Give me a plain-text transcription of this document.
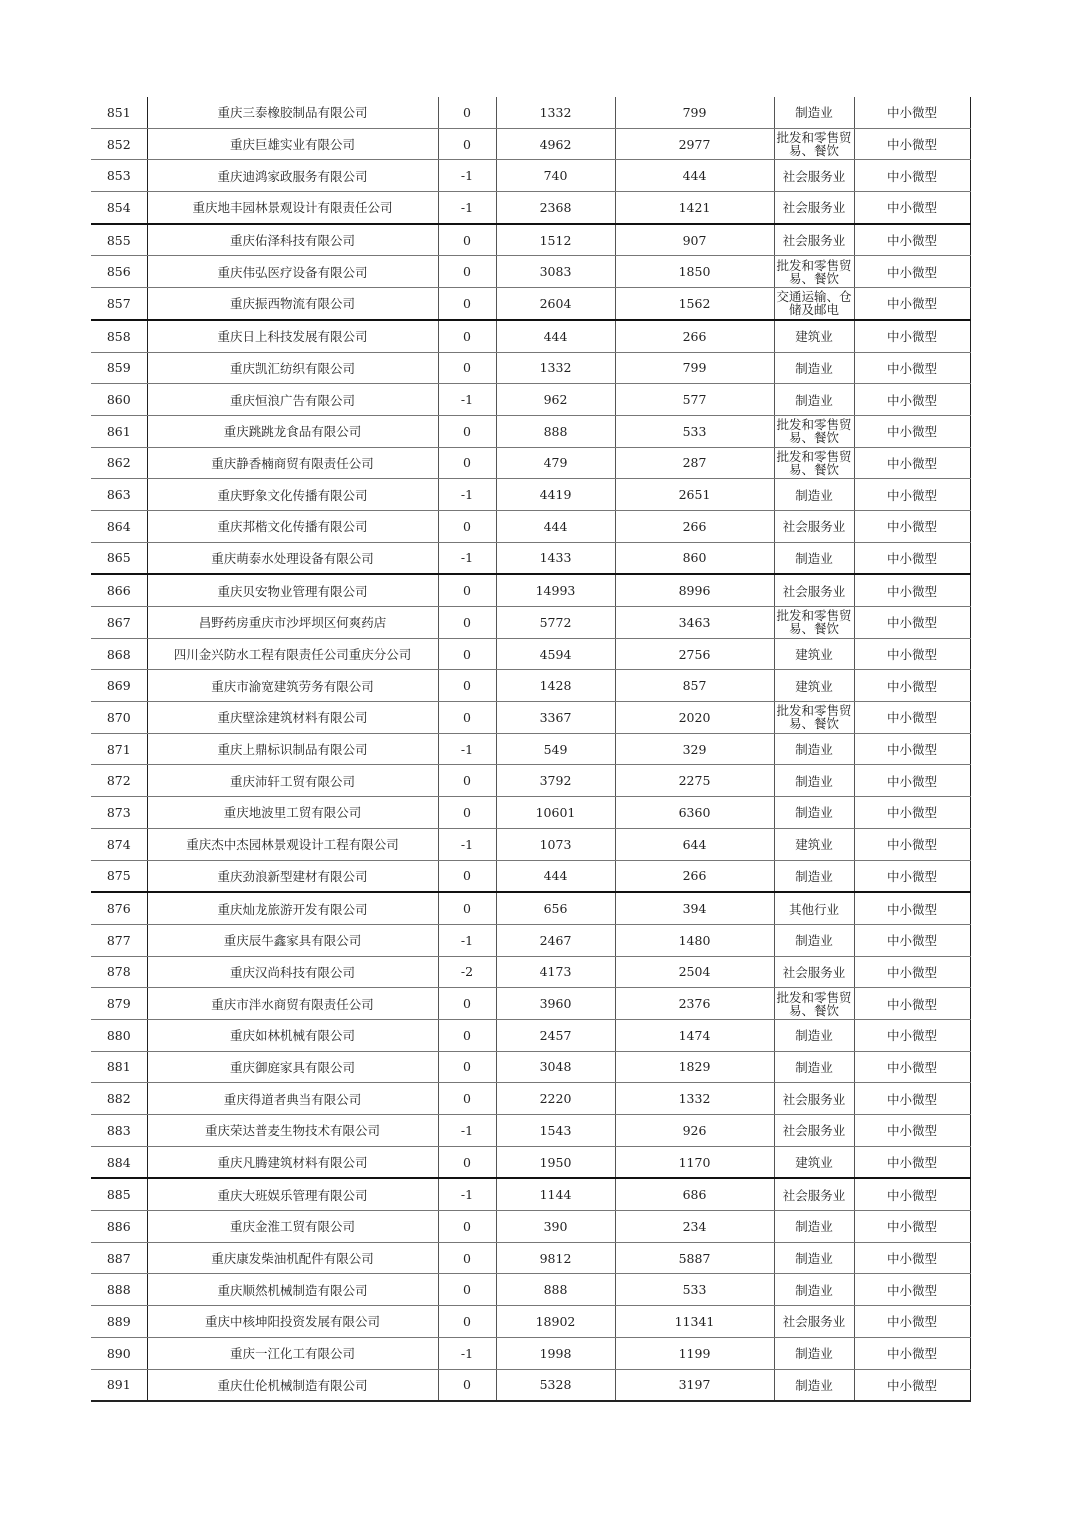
851	重庆三泰橡胶制品有限公司	0	1332	799	制造业	中小微型
852	重庆巨雄实业有限公司	0	4962	2977	批发和零售贸易、餐饮	中小微型
853	重庆迪鸿家政服务有限公司	-1	740	444	社会服务业	中小微型
854	重庆地丰园林景观设计有限责任公司	-1	2368	1421	社会服务业	中小微型
855	重庆佑泽科技有限公司	0	1512	907	社会服务业	中小微型
856	重庆伟弘医疗设备有限公司	0	3083	1850	批发和零售贸易、餐饮	中小微型
857	重庆振西物流有限公司	0	2604	1562	交通运输、仓储及邮电	中小微型
858	重庆日上科技发展有限公司	0	444	266	建筑业	中小微型
859	重庆凯汇纺织有限公司	0	1332	799	制造业	中小微型
860	重庆恒浪广告有限公司	-1	962	577	制造业	中小微型
861	重庆跳跳龙食品有限公司	0	888	533	批发和零售贸易、餐饮	中小微型
862	重庆静香楠商贸有限责任公司	0	479	287	批发和零售贸易、餐饮	中小微型
863	重庆野象文化传播有限公司	-1	4419	2651	制造业	中小微型
864	重庆邦楷文化传播有限公司	0	444	266	社会服务业	中小微型
865	重庆萌泰水处理设备有限公司	-1	1433	860	制造业	中小微型
866	重庆贝安物业管理有限公司	0	14993	8996	社会服务业	中小微型
867	昌野药房重庆市沙坪坝区何爽药店	0	5772	3463	批发和零售贸易、餐饮	中小微型
868	四川金兴防水工程有限责任公司重庆分公司	0	4594	2756	建筑业	中小微型
869	重庆市渝宽建筑劳务有限公司	0	1428	857	建筑业	中小微型
870	重庆壁涂建筑材料有限公司	0	3367	2020	批发和零售贸易、餐饮	中小微型
871	重庆上鼎标识制品有限公司	-1	549	329	制造业	中小微型
872	重庆沛轩工贸有限公司	0	3792	2275	制造业	中小微型
873	重庆地波里工贸有限公司	0	10601	6360	制造业	中小微型
874	重庆杰中杰园林景观设计工程有限公司	-1	1073	644	建筑业	中小微型
875	重庆劲浪新型建材有限公司	0	444	266	制造业	中小微型
876	重庆灿龙旅游开发有限公司	0	656	394	其他行业	中小微型
877	重庆辰牛鑫家具有限公司	-1	2467	1480	制造业	中小微型
878	重庆汉尚科技有限公司	-2	4173	2504	社会服务业	中小微型
879	重庆市泮水商贸有限责任公司	0	3960	2376	批发和零售贸易、餐饮	中小微型
880	重庆如林机械有限公司	0	2457	1474	制造业	中小微型
881	重庆御庭家具有限公司	0	3048	1829	制造业	中小微型
882	重庆得道者典当有限公司	0	2220	1332	社会服务业	中小微型
883	重庆荣达普麦生物技术有限公司	-1	1543	926	社会服务业	中小微型
884	重庆凡腾建筑材料有限公司	0	1950	1170	建筑业	中小微型
885	重庆大班娱乐管理有限公司	-1	1144	686	社会服务业	中小微型
886	重庆金淮工贸有限公司	0	390	234	制造业	中小微型
887	重庆康发柴油机配件有限公司	0	9812	5887	制造业	中小微型
888	重庆顺然机械制造有限公司	0	888	533	制造业	中小微型
889	重庆中核坤阳投资发展有限公司	0	18902	11341	社会服务业	中小微型
890	重庆一江化工有限公司	-1	1998	1199	制造业	中小微型
891	重庆仕伦机械制造有限公司	0	5328	3197	制造业	中小微型
